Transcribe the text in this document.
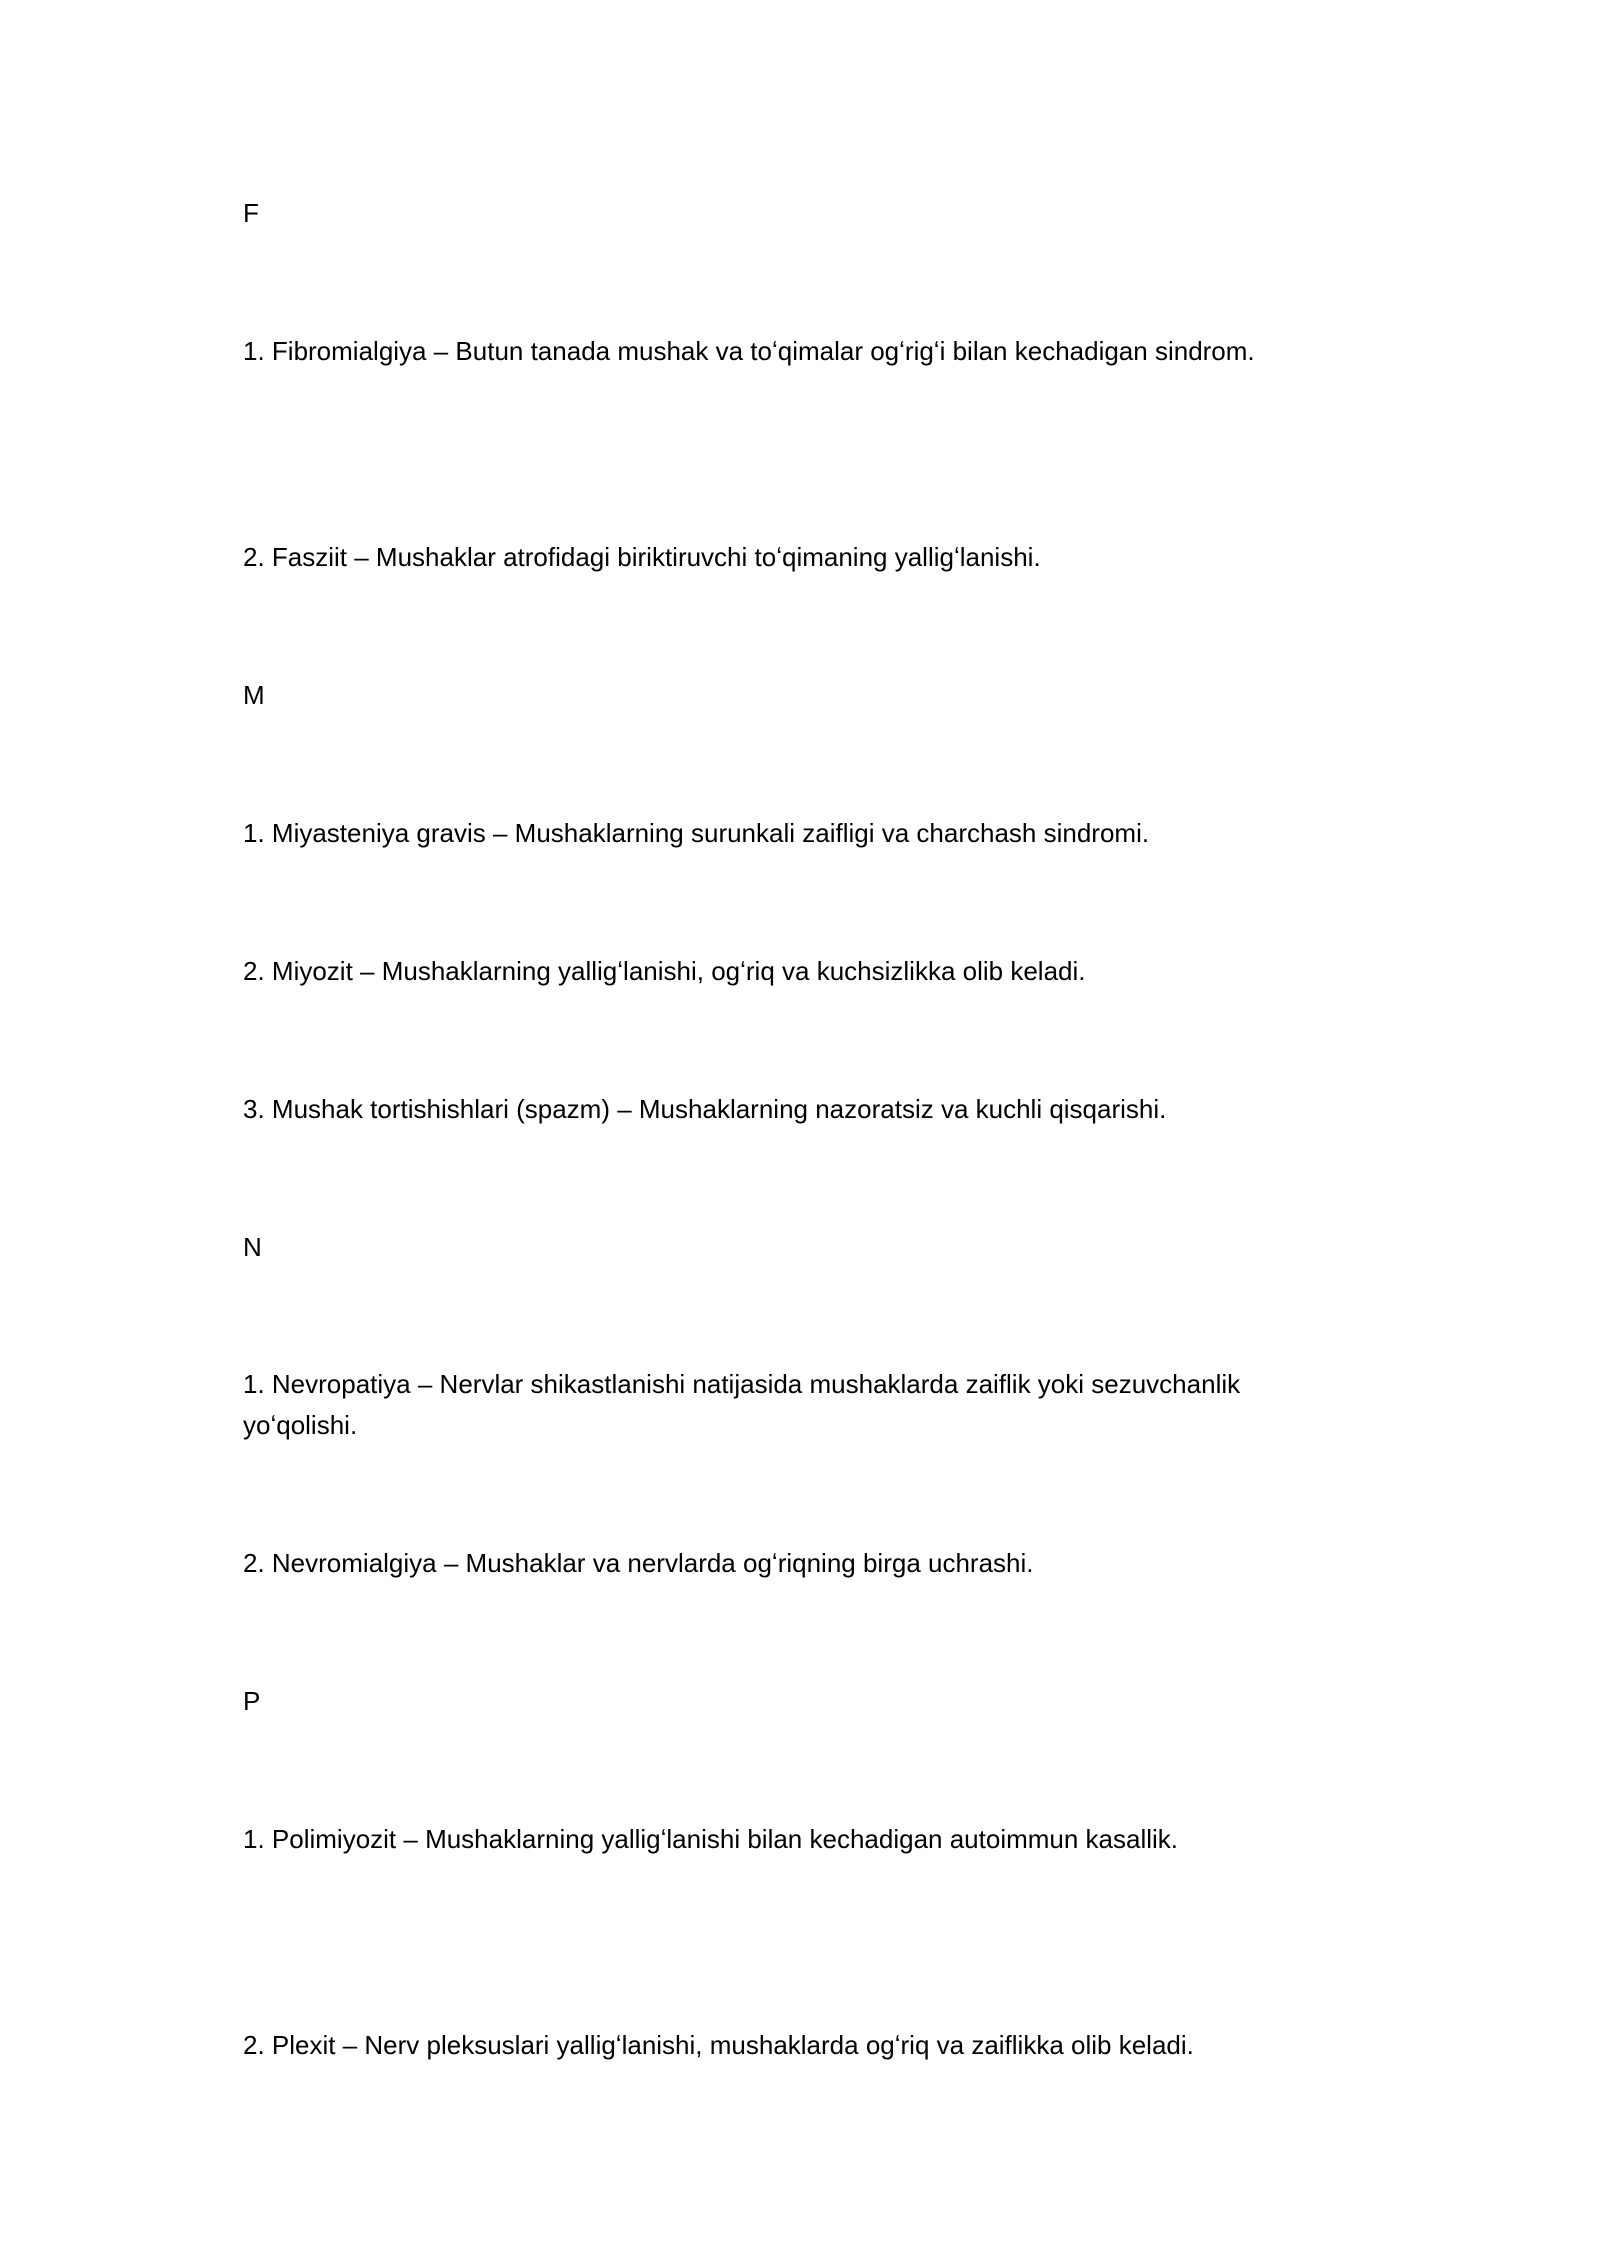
F
1. Fibromialgiya – Butun tanada mushak va toʻqimalar ogʻrigʻi bilan kechadigan sindrom.
2. Fasziit – Mushaklar atrofidagi biriktiruvchi toʻqimaning yalligʻlanishi.
M
1. Miyasteniya gravis – Mushaklarning surunkali zaifligi va charchash sindromi.
2. Miyozit – Mushaklarning yalligʻlanishi, ogʻriq va kuchsizlikka olib keladi.
3. Mushak tortishishlari (spazm) – Mushaklarning nazoratsiz va kuchli qisqarishi.
N
1. Nevropatiya – Nervlar shikastlanishi natijasida mushaklarda zaiflik yoki sezuvchanlik yoʻqolishi.
2. Nevromialgiya – Mushaklar va nervlarda ogʻriqning birga uchrashi.
P
1. Polimiyozit – Mushaklarning yalligʻlanishi bilan kechadigan autoimmun kasallik.
2. Plexit – Nerv pleksuslari yalligʻlanishi, mushaklarda ogʻriq va zaiflikka olib keladi.
